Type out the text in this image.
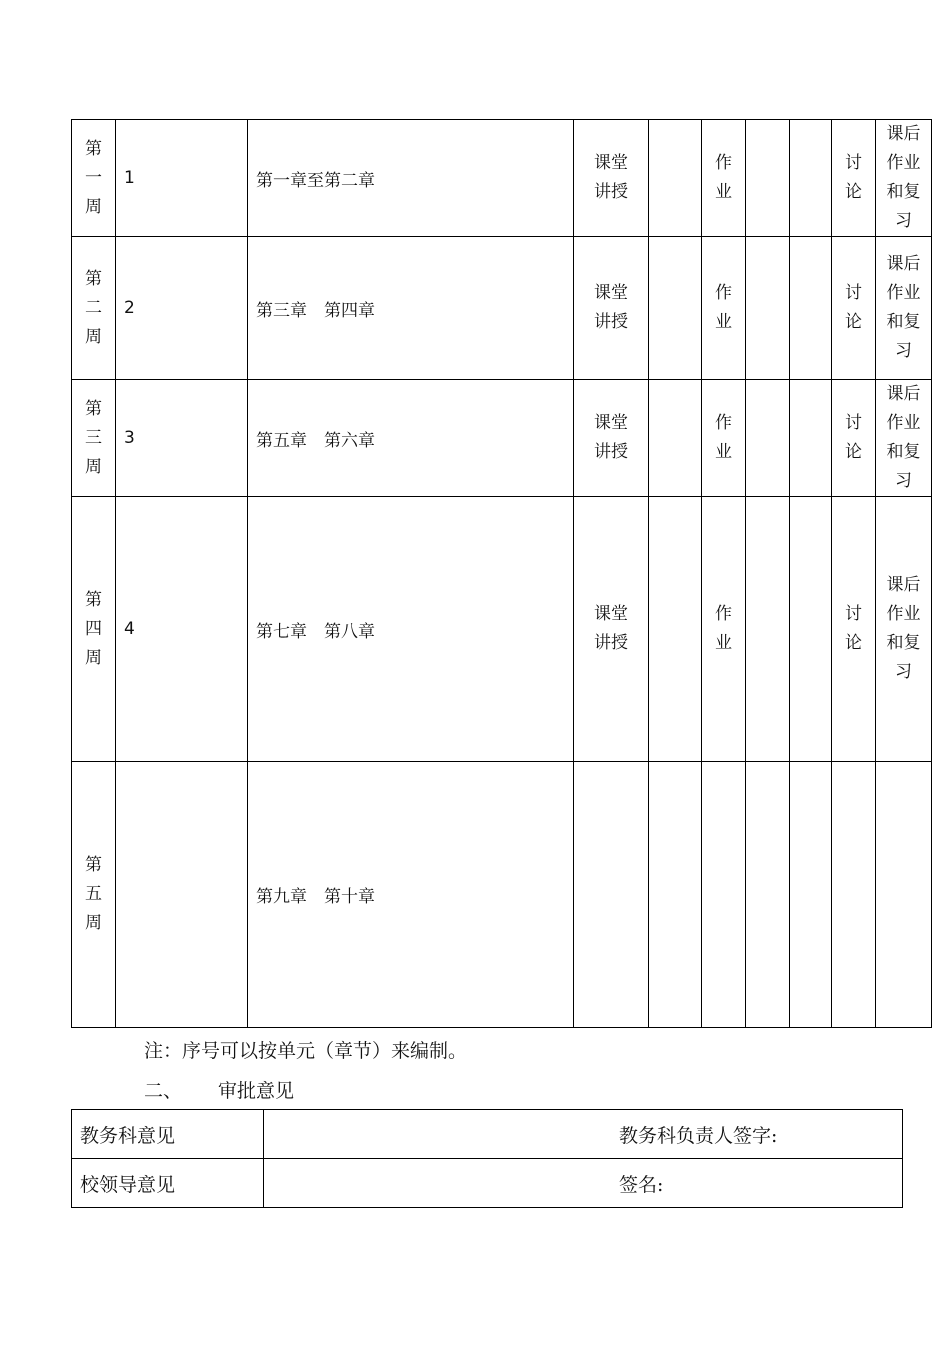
第一周	1	第一章至第二章	课堂讲授		作业			讨论	课后作业和复习

第二周	2	第三章　第四章	课堂讲授		作业			讨论	课后作业和复习

第三周	3	第五章　第六章	课堂讲授		作业			讨论	课后作业和复习

第四周	4	第七章　第八章	课堂讲授		作业			讨论	课后作业和复习

第五周		第九章　第十章	

注：序号可以按单元（章节）来编制。
二、 审批意见
教务科意见	教务科负责人签字:
校领导意见	签名:
